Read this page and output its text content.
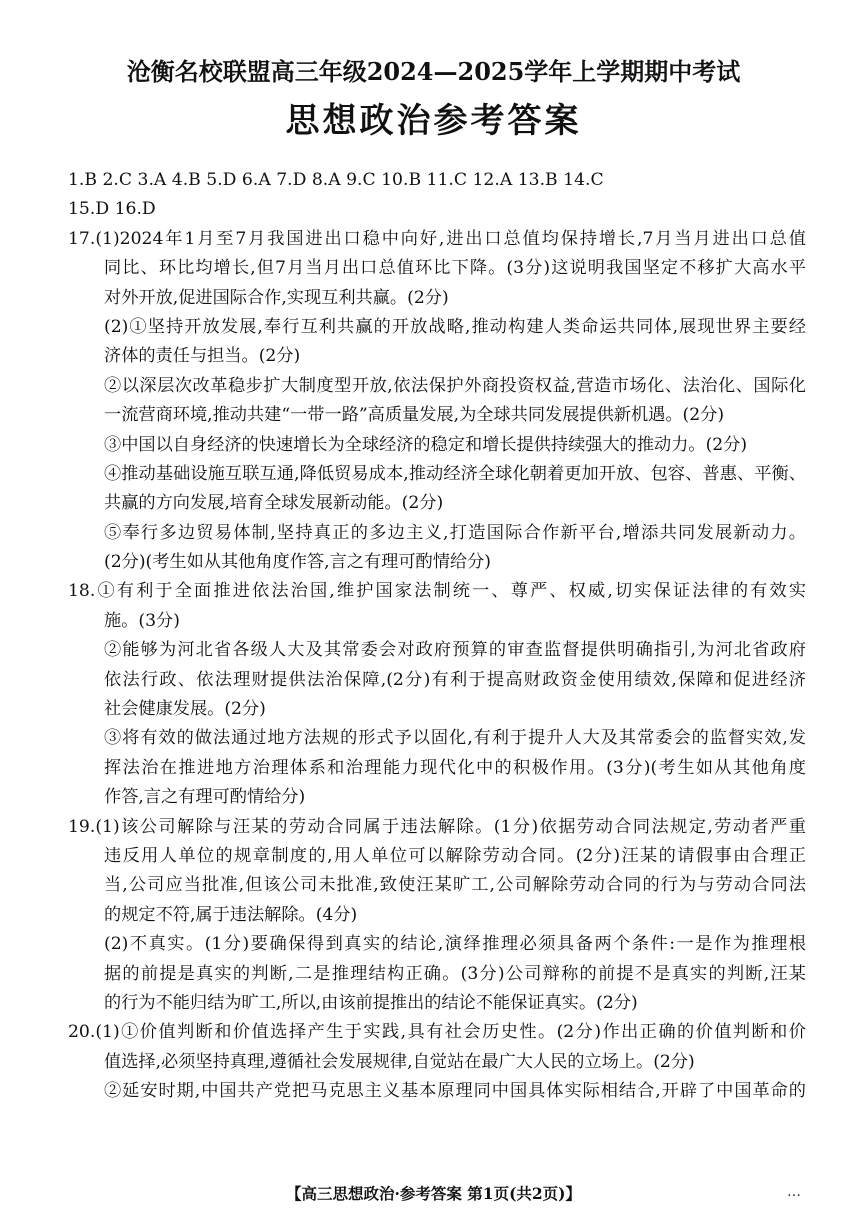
沧衡名校联盟高三年级2024—2025学年上学期期中考试
思想政治参考答案
1.B 2.C 3.A 4.B 5.D 6.A 7.D 8.A 9.C 10.B 11.C 12.A 13.B 14.C
15.D 16.D
17.(1)2024年1月至7月我国进出口稳中向好,进出口总值均保持增长,7月当月进出口总值
同比、环比均增长,但7月当月出口总值环比下降。(3分)这说明我国坚定不移扩大高水平
对外开放,促进国际合作,实现互利共赢。(2分)
(2)①坚持开放发展,奉行互利共赢的开放战略,推动构建人类命运共同体,展现世界主要经
济体的责任与担当。(2分)
②以深层次改革稳步扩大制度型开放,依法保护外商投资权益,营造市场化、法治化、国际化
一流营商环境,推动共建“一带一路”高质量发展,为全球共同发展提供新机遇。(2分)
③中国以自身经济的快速增长为全球经济的稳定和增长提供持续强大的推动力。(2分)
④推动基础设施互联互通,降低贸易成本,推动经济全球化朝着更加开放、包容、普惠、平衡、
共赢的方向发展,培育全球发展新动能。(2分)
⑤奉行多边贸易体制,坚持真正的多边主义,打造国际合作新平台,增添共同发展新动力。
(2分)(考生如从其他角度作答,言之有理可酌情给分)
18.①有利于全面推进依法治国,维护国家法制统一、尊严、权威,切实保证法律的有效实
施。(3分)
②能够为河北省各级人大及其常委会对政府预算的审查监督提供明确指引,为河北省政府
依法行政、依法理财提供法治保障,(2分)有利于提高财政资金使用绩效,保障和促进经济
社会健康发展。(2分)
③将有效的做法通过地方法规的形式予以固化,有利于提升人大及其常委会的监督实效,发
挥法治在推进地方治理体系和治理能力现代化中的积极作用。(3分)(考生如从其他角度
作答,言之有理可酌情给分)
19.(1)该公司解除与汪某的劳动合同属于违法解除。(1分)依据劳动合同法规定,劳动者严重
违反用人单位的规章制度的,用人单位可以解除劳动合同。(2分)汪某的请假事由合理正
当,公司应当批准,但该公司未批准,致使汪某旷工,公司解除劳动合同的行为与劳动合同法
的规定不符,属于违法解除。(4分)
(2)不真实。(1分)要确保得到真实的结论,演绎推理必须具备两个条件:一是作为推理根
据的前提是真实的判断,二是推理结构正确。(3分)公司辩称的前提不是真实的判断,汪某
的行为不能归结为旷工,所以,由该前提推出的结论不能保证真实。(2分)
20.(1)①价值判断和价值选择产生于实践,具有社会历史性。(2分)作出正确的价值判断和价
值选择,必须坚持真理,遵循社会发展规律,自觉站在最广大人民的立场上。(2分)
②延安时期,中国共产党把马克思主义基本原理同中国具体实际相结合,开辟了中国革命的
【高三思想政治·参考答案 第1页(共2页)】	…
